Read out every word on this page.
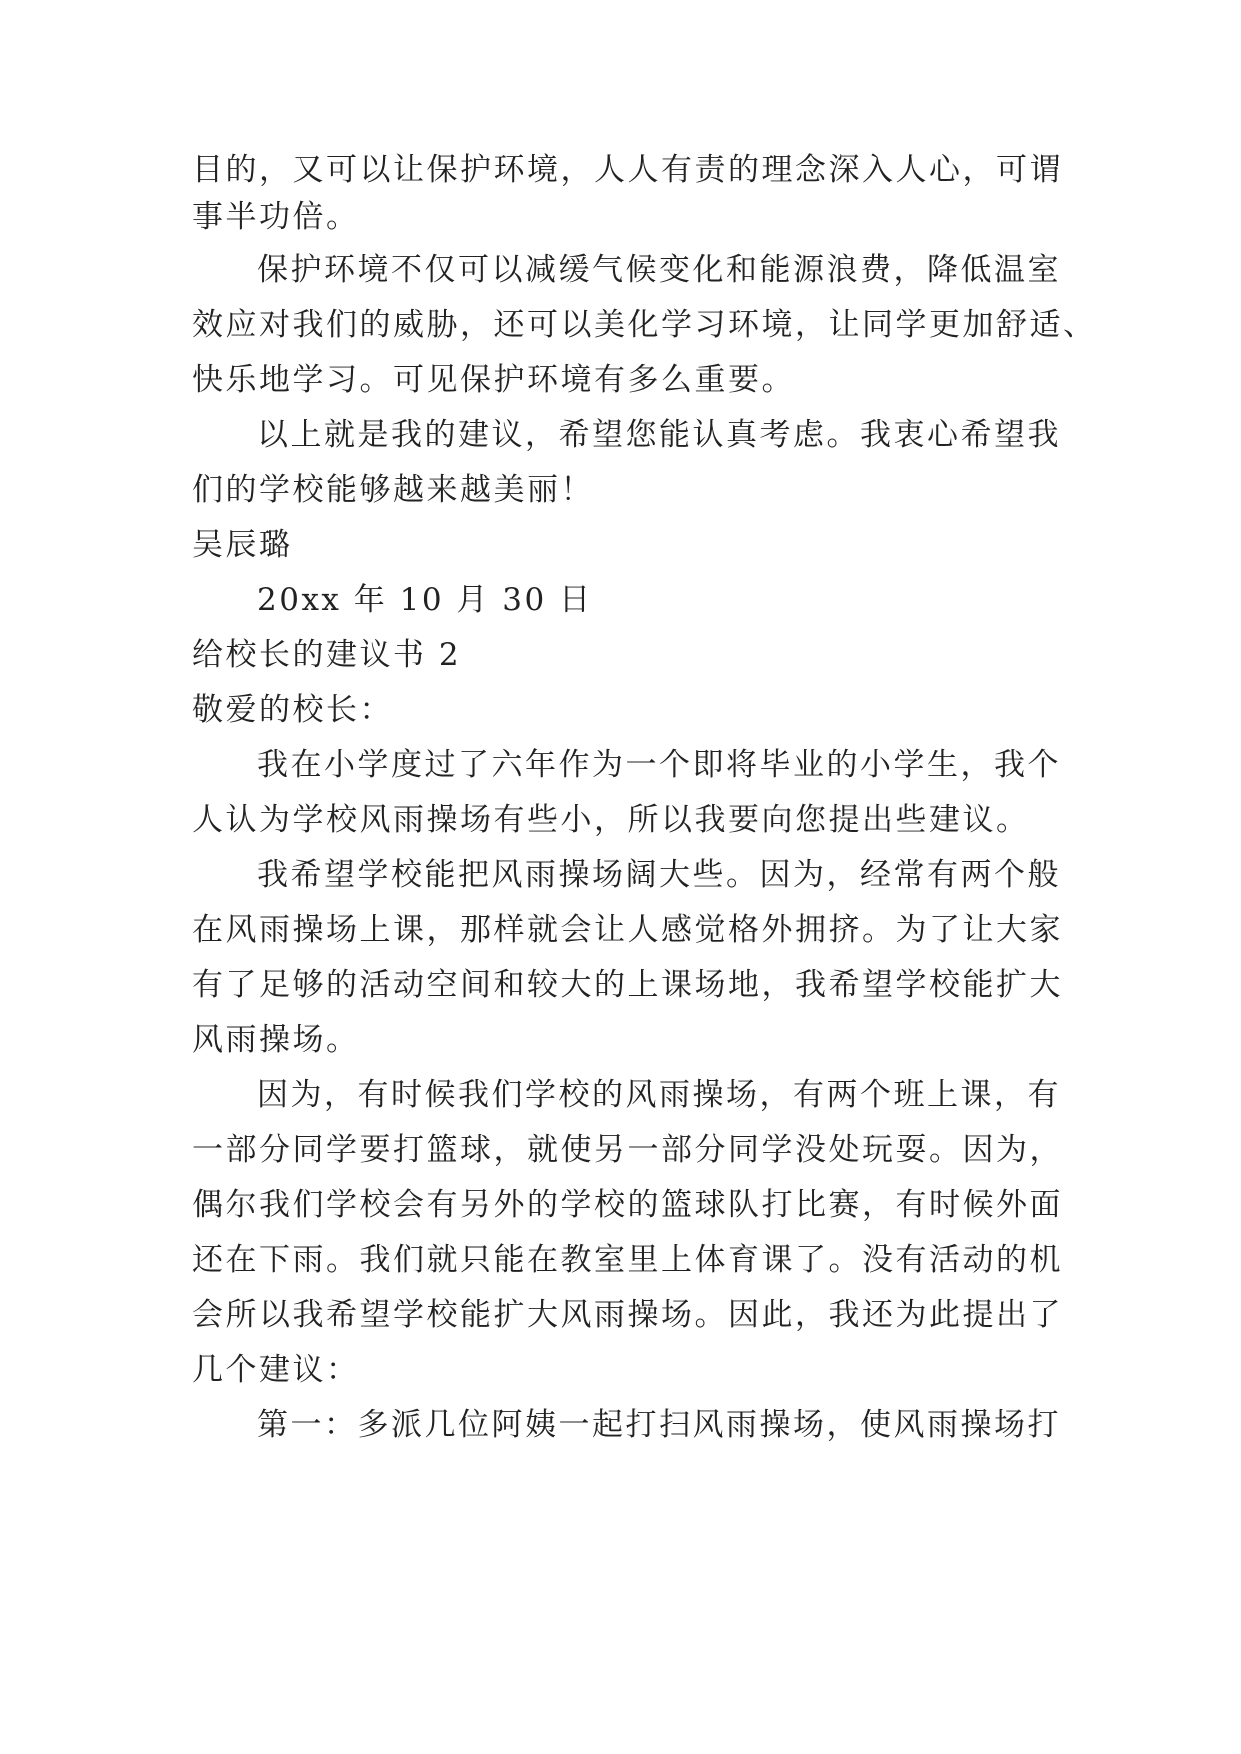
目的，又可以让保护环境，人人有责的理念深入人心，可谓
事半功倍。
保护环境不仅可以减缓气候变化和能源浪费，降低温室
效应对我们的威胁，还可以美化学习环境，让同学更加舒适、
快乐地学习。可见保护环境有多么重要。
以上就是我的建议，希望您能认真考虑。我衷心希望我
们的学校能够越来越美丽！
吴辰璐
20xx 年 10 月 30 日
给校长的建议书 2
敬爱的校长：
我在小学度过了六年作为一个即将毕业的小学生，我个
人认为学校风雨操场有些小，所以我要向您提出些建议。
我希望学校能把风雨操场阔大些。因为，经常有两个般
在风雨操场上课，那样就会让人感觉格外拥挤。为了让大家
有了足够的活动空间和较大的上课场地，我希望学校能扩大
风雨操场。
因为，有时候我们学校的风雨操场，有两个班上课，有
一部分同学要打篮球，就使另一部分同学没处玩耍。因为，
偶尔我们学校会有另外的学校的篮球队打比赛，有时候外面
还在下雨。我们就只能在教室里上体育课了。没有活动的机
会所以我希望学校能扩大风雨操场。因此，我还为此提出了
几个建议：
第一：多派几位阿姨一起打扫风雨操场，使风雨操场打
